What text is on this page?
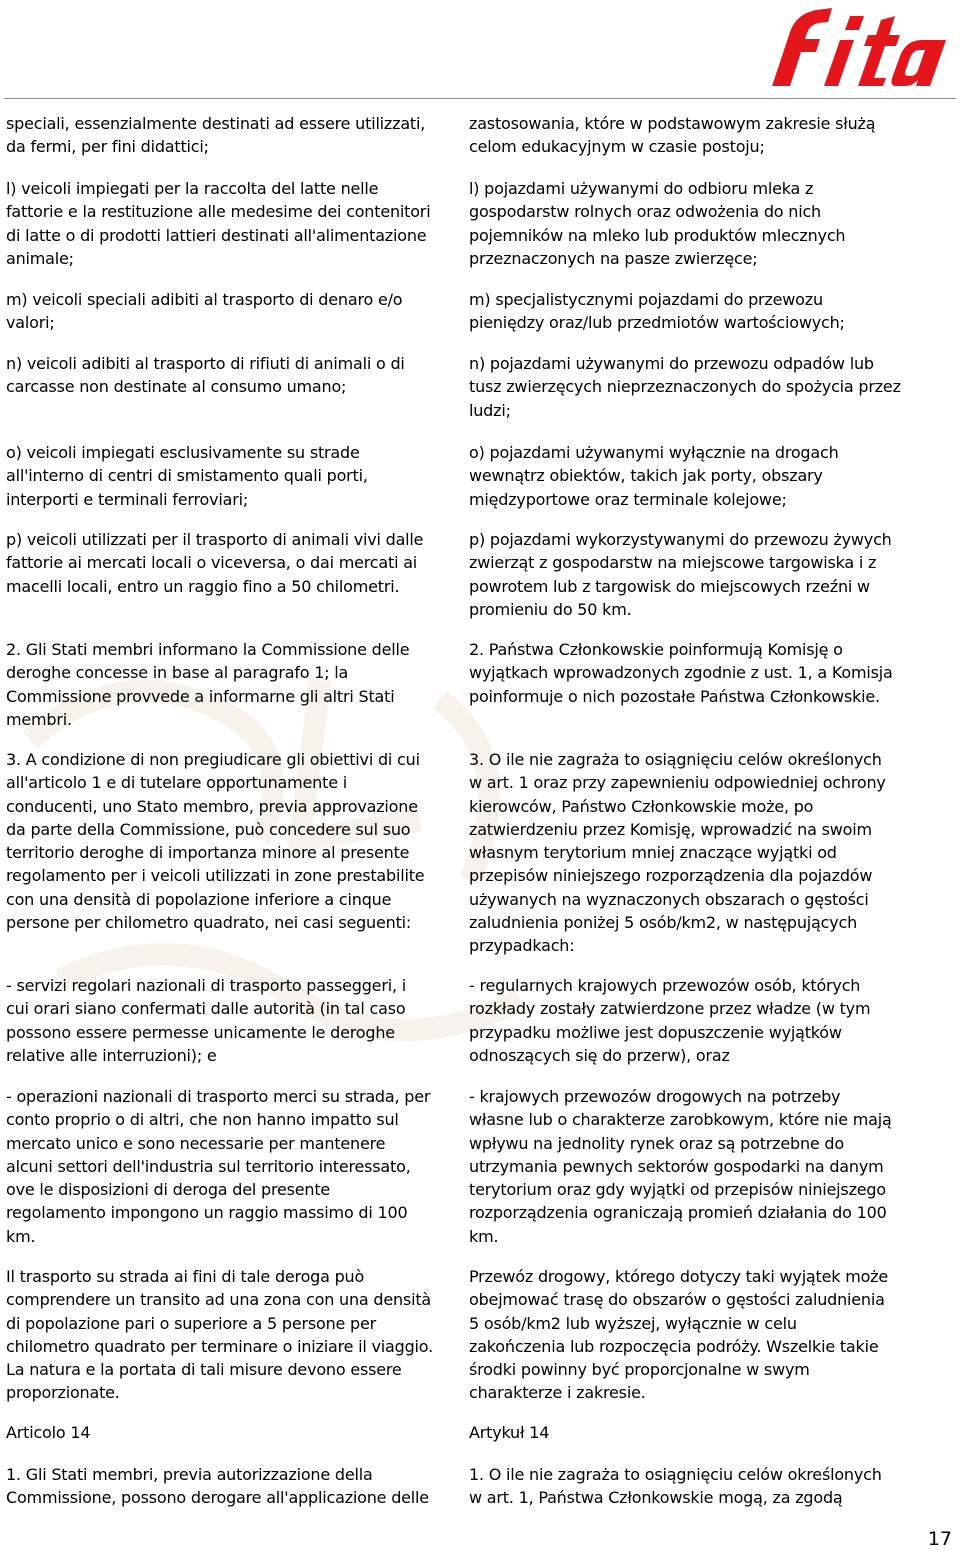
speciali, essenzialmente destinati ad essere utilizzati,
da fermi, per fini didattici;
zastosowania, które w podstawowym zakresie służą
celom edukacyjnym w czasie postoju;
l) veicoli impiegati per la raccolta del latte nelle
fattorie e la restituzione alle medesime dei contenitori
di latte o di prodotti lattieri destinati all'alimentazione
animale;
l) pojazdami używanymi do odbioru mleka z
gospodarstw rolnych oraz odwożenia do nich
pojemników na mleko lub produktów mlecznych
przeznaczonych na pasze zwierzęce;
m) veicoli speciali adibiti al trasporto di denaro e/o
valori;
m) specjalistycznymi pojazdami do przewozu
pieniędzy oraz/lub przedmiotów wartościowych;
n) veicoli adibiti al trasporto di rifiuti di animali o di
carcasse non destinate al consumo umano;
n) pojazdami używanymi do przewozu odpadów lub
tusz zwierzęcych nieprzeznaczonych do spożycia przez
ludzi;
o) veicoli impiegati esclusivamente su strade
all'interno di centri di smistamento quali porti,
interporti e terminali ferroviari;
o) pojazdami używanymi wyłącznie na drogach
wewnątrz obiektów, takich jak porty, obszary
międzyportowe oraz terminale kolejowe;
p) veicoli utilizzati per il trasporto di animali vivi dalle
fattorie ai mercati locali o viceversa, o dai mercati ai
macelli locali, entro un raggio fino a 50 chilometri.
p) pojazdami wykorzystywanymi do przewozu żywych
zwierząt z gospodarstw na miejscowe targowiska i z
powrotem lub z targowisk do miejscowych rzeźni w
promieniu do 50 km.
2. Gli Stati membri informano la Commissione delle
deroghe concesse in base al paragrafo 1; la
Commissione provvede a informarne gli altri Stati
membri.
2. Państwa Członkowskie poinformują Komisję o
wyjątkach wprowadzonych zgodnie z ust. 1, a Komisja
poinformuje o nich pozostałe Państwa Członkowskie.
3. A condizione di non pregiudicare gli obiettivi di cui
all'articolo 1 e di tutelare opportunamente i
conducenti, uno Stato membro, previa approvazione
da parte della Commissione, può concedere sul suo
territorio deroghe di importanza minore al presente
regolamento per i veicoli utilizzati in zone prestabilite
con una densità di popolazione inferiore a cinque
persone per chilometro quadrato, nei casi seguenti:
3. O ile nie zagraża to osiągnięciu celów określonych
w art. 1 oraz przy zapewnieniu odpowiedniej ochrony
kierowców, Państwo Członkowskie może, po
zatwierdzeniu przez Komisję, wprowadzić na swoim
własnym terytorium mniej znaczące wyjątki od
przepisów niniejszego rozporządzenia dla pojazdów
używanych na wyznaczonych obszarach o gęstości
zaludnienia poniżej 5 osób/km2, w następujących
przypadkach:
- servizi regolari nazionali di trasporto passeggeri, i
cui orari siano confermati dalle autorità (in tal caso
possono essere permesse unicamente le deroghe
relative alle interruzioni); e
- regularnych krajowych przewozów osób, których
rozkłady zostały zatwierdzone przez władze (w tym
przypadku możliwe jest dopuszczenie wyjątków
odnoszących się do przerw), oraz
- operazioni nazionali di trasporto merci su strada, per
conto proprio o di altri, che non hanno impatto sul
mercato unico e sono necessarie per mantenere
alcuni settori dell'industria sul territorio interessato,
ove le disposizioni di deroga del presente
regolamento impongono un raggio massimo di 100
km.
- krajowych przewozów drogowych na potrzeby
własne lub o charakterze zarobkowym, które nie mają
wpływu na jednolity rynek oraz są potrzebne do
utrzymania pewnych sektorów gospodarki na danym
terytorium oraz gdy wyjątki od przepisów niniejszego
rozporządzenia ograniczają promień działania do 100
km.
Il trasporto su strada ai fini di tale deroga può
comprendere un transito ad una zona con una densità
di popolazione pari o superiore a 5 persone per
chilometro quadrato per terminare o iniziare il viaggio.
La natura e la portata di tali misure devono essere
proporzionate.
Przewóz drogowy, którego dotyczy taki wyjątek może
obejmować trasę do obszarów o gęstości zaludnienia
5 osób/km2 lub wyższej, wyłącznie w celu
zakończenia lub rozpoczęcia podróży. Wszelkie takie
środki powinny być proporcjonalne w swym
charakterze i zakresie.
Articolo 14	Artykuł 14
1. Gli Stati membri, previa autorizzazione della
Commissione, possono derogare all'applicazione delle
1. O ile nie zagraża to osiągnięciu celów określonych
w art. 1, Państwa Członkowskie mogą, za zgodą
17
